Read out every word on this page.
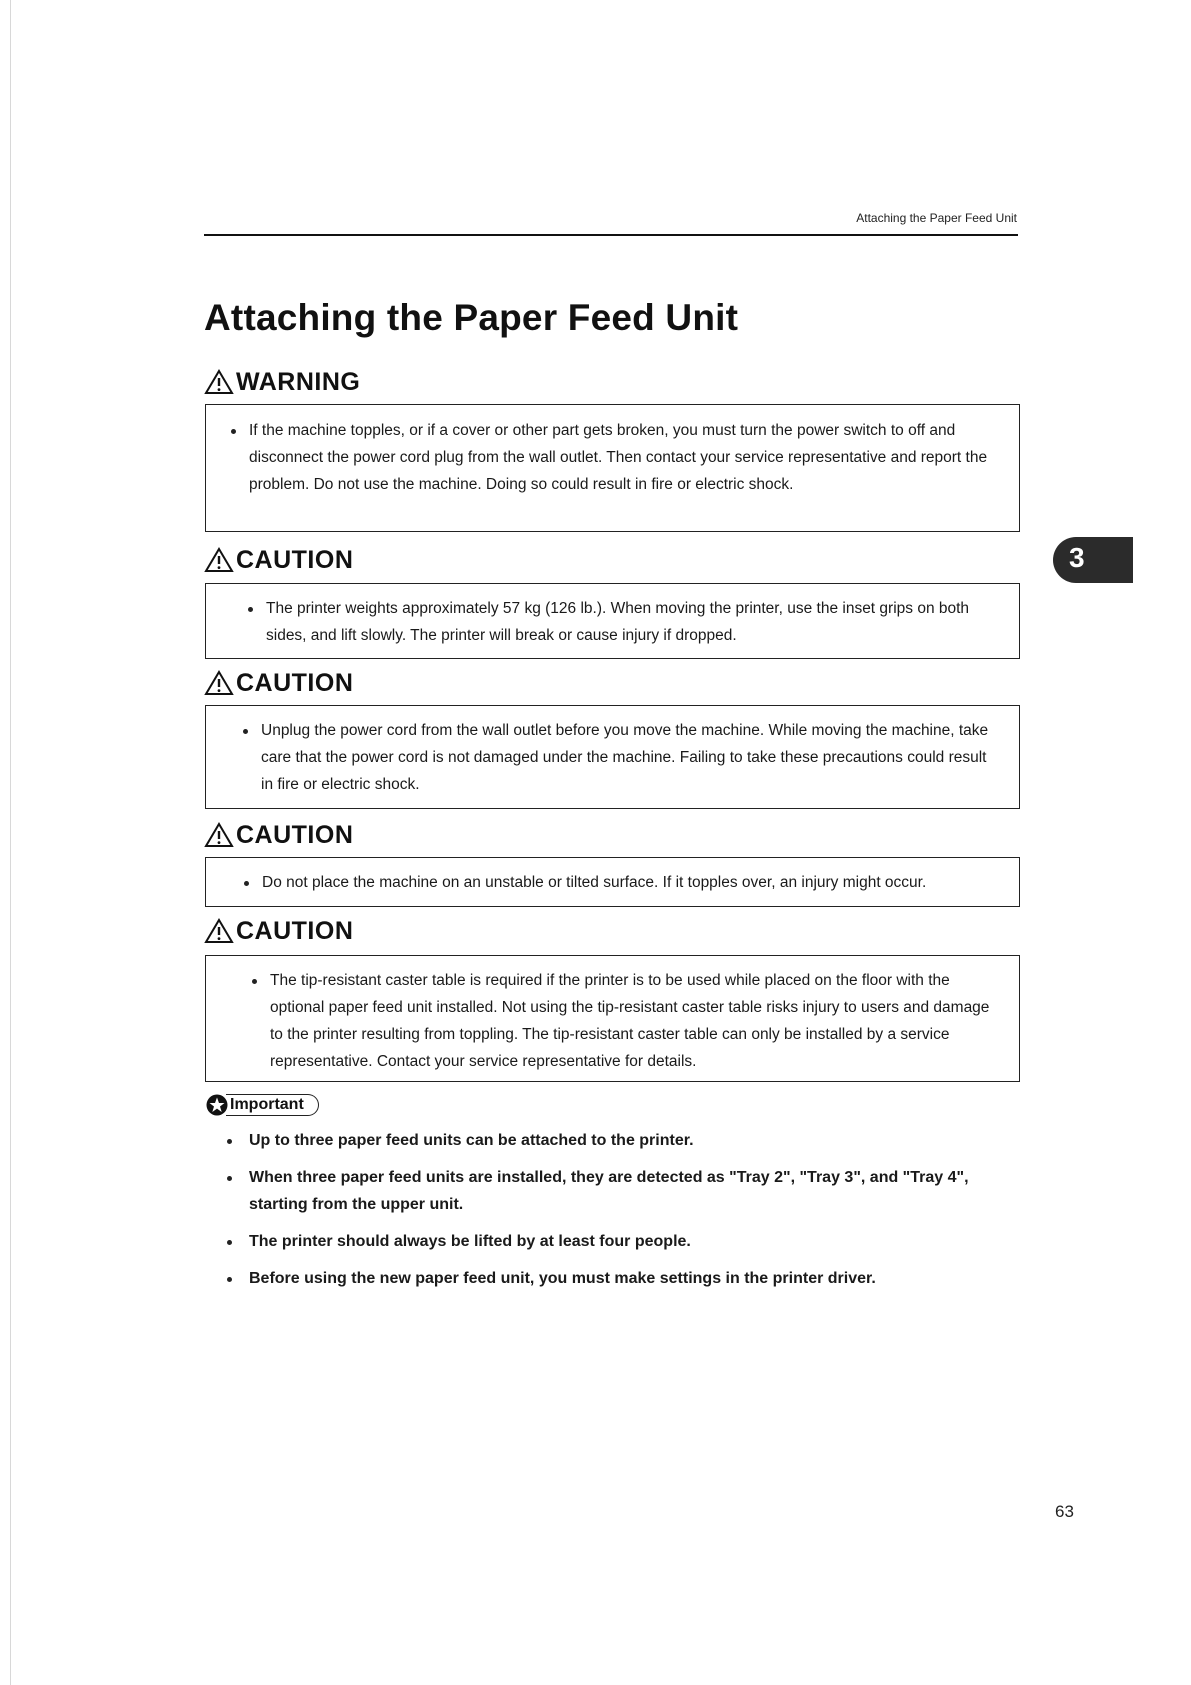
Attaching the Paper Feed Unit
Attaching the Paper Feed Unit
WARNING
If the machine topples, or if a cover or other part gets broken, you must turn the power switch to off and disconnect the power cord plug from the wall outlet. Then contact your service representative and report the problem. Do not use the machine. Doing so could result in fire or electric shock.
CAUTION
The printer weights approximately 57 kg (126 lb.). When moving the printer, use the inset grips on both sides, and lift slowly. The printer will break or cause injury if dropped.
CAUTION
Unplug the power cord from the wall outlet before you move the machine. While moving the machine, take care that the power cord is not damaged under the machine. Failing to take these precautions could result in fire or electric shock.
CAUTION
Do not place the machine on an unstable or tilted surface. If it topples over, an injury might occur.
CAUTION
The tip-resistant caster table is required if the printer is to be used while placed on the floor with the optional paper feed unit installed. Not using the tip-resistant caster table risks injury to users and damage to the printer resulting from toppling. The tip-resistant caster table can only be installed by a service representative. Contact your service representative for details.
3
Important
Up to three paper feed units can be attached to the printer.
When three paper feed units are installed, they are detected as "Tray 2", "Tray 3", and "Tray 4", starting from the upper unit.
The printer should always be lifted by at least four people.
Before using the new paper feed unit, you must make settings in the printer driver.
63
